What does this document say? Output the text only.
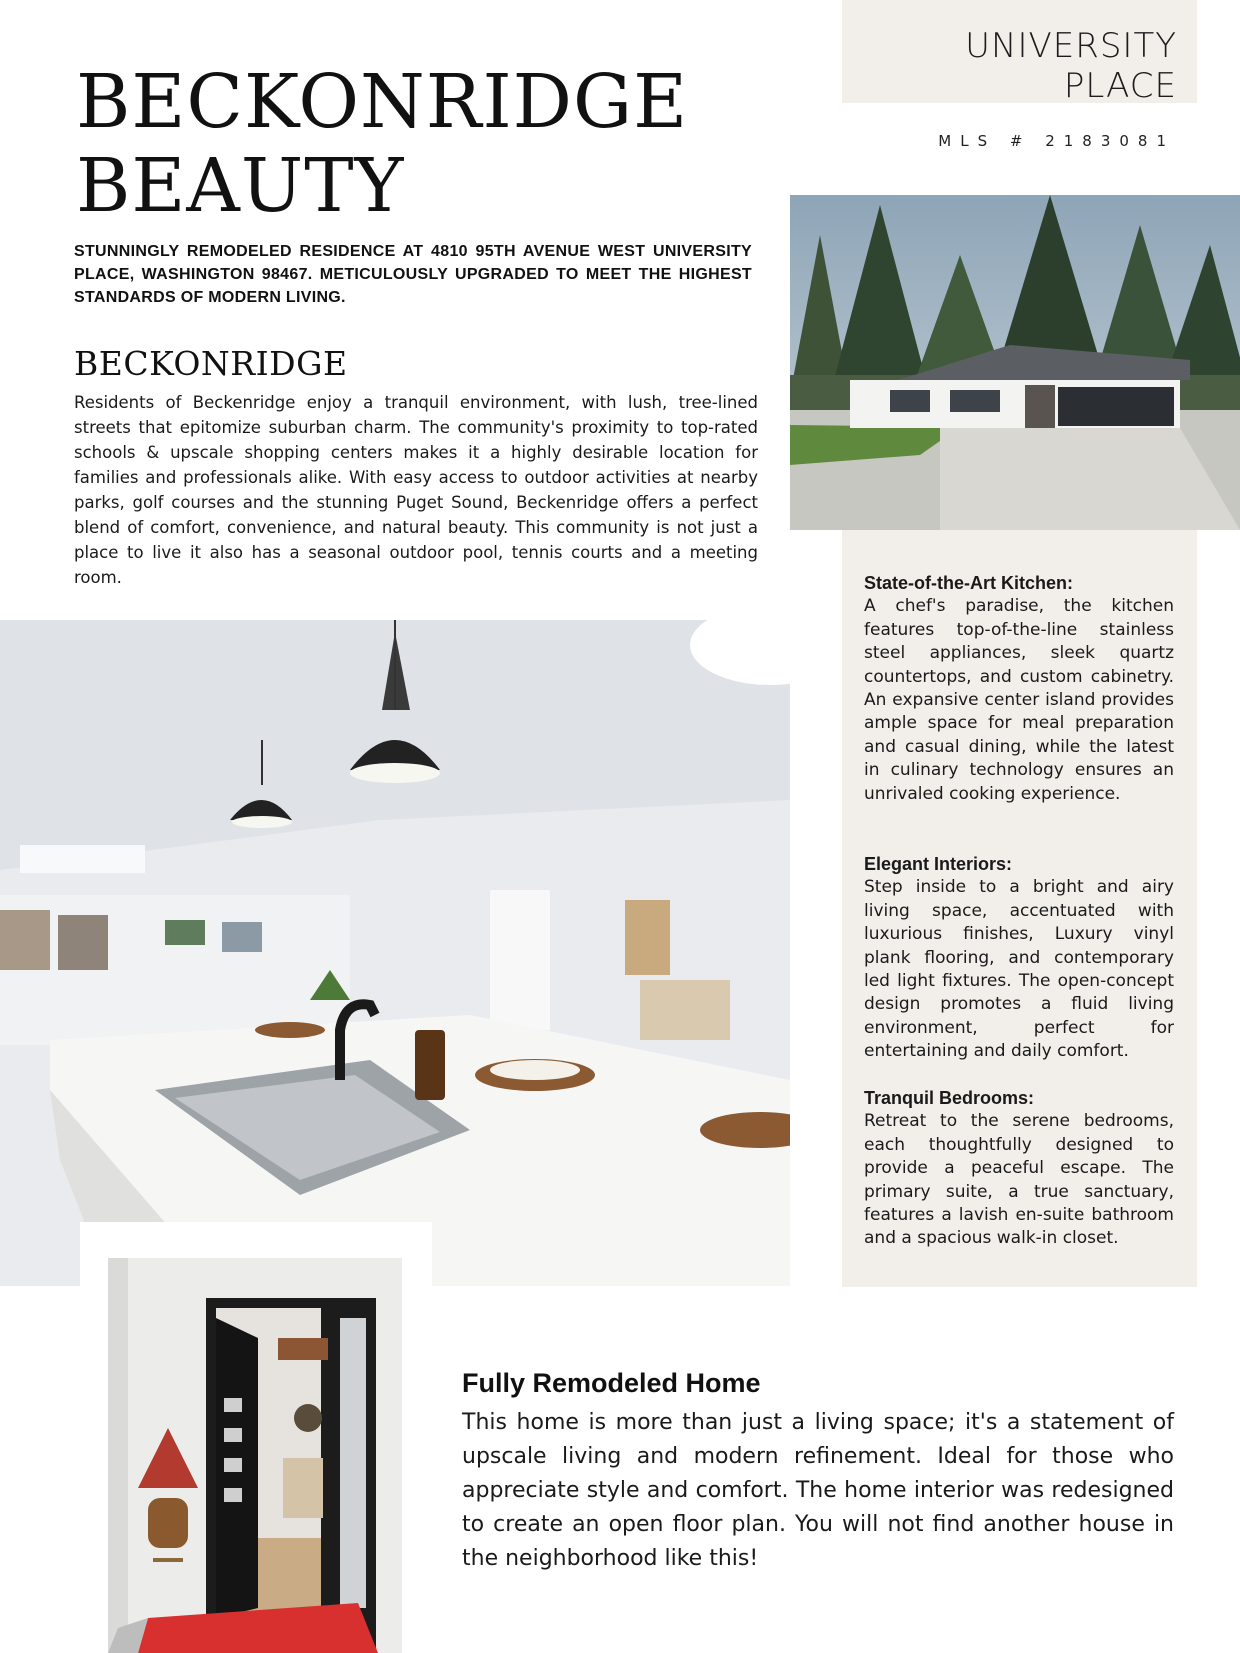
UNIVERSITY PLACE
MLS # 2183081
BECKONRIDGE
BEAUTY
STUNNINGLY REMODELED RESIDENCE AT 4810 95TH AVENUE WEST UNIVERSITY PLACE, WASHINGTON 98467. METICULOUSLY UPGRADED TO MEET THE HIGHEST STANDARDS OF MODERN LIVING.
BECKONRIDGE
Residents of Beckenridge enjoy a tranquil environment, with lush, tree-lined streets that epitomize suburban charm. The community's proximity to top-rated schools & upscale shopping centers makes it a highly desirable location for families and professionals alike. With easy access to outdoor activities at nearby parks, golf courses and the stunning Puget Sound, Beckenridge offers a perfect blend of comfort, convenience, and natural beauty. This community is not just a place to live it also has a seasonal outdoor pool, tennis courts and a meeting room.	State-of-the-Art Kitchen:

A chef's paradise, the kitchen features top-of-the-line stainless steel appliances, sleek quartz countertops, and custom cabinetry. An expansive center island provides ample space for meal preparation and casual dining, while the latest in culinary technology ensures an unrivaled cooking experience.

Elegant Interiors:

Step inside to a bright and airy living space, accentuated with luxurious finishes, Luxury vinyl plank flooring, and contemporary led light fixtures. The open-concept design promotes a fluid living environment, perfect for entertaining and daily comfort.

Tranquil Bedrooms:

Retreat to the serene bedrooms, each thoughtfully designed to provide a peaceful escape. The primary suite, a true sanctuary, features a lavish en-suite bathroom and a spacious walk-in closet.

Fully Remodeled Home
This home is more than just a living space; it's a statement of upscale living and modern refinement. Ideal for those who appreciate style and comfort. The home interior was redesigned to create an open floor plan. You will not find another house in the neighborhood like this!
